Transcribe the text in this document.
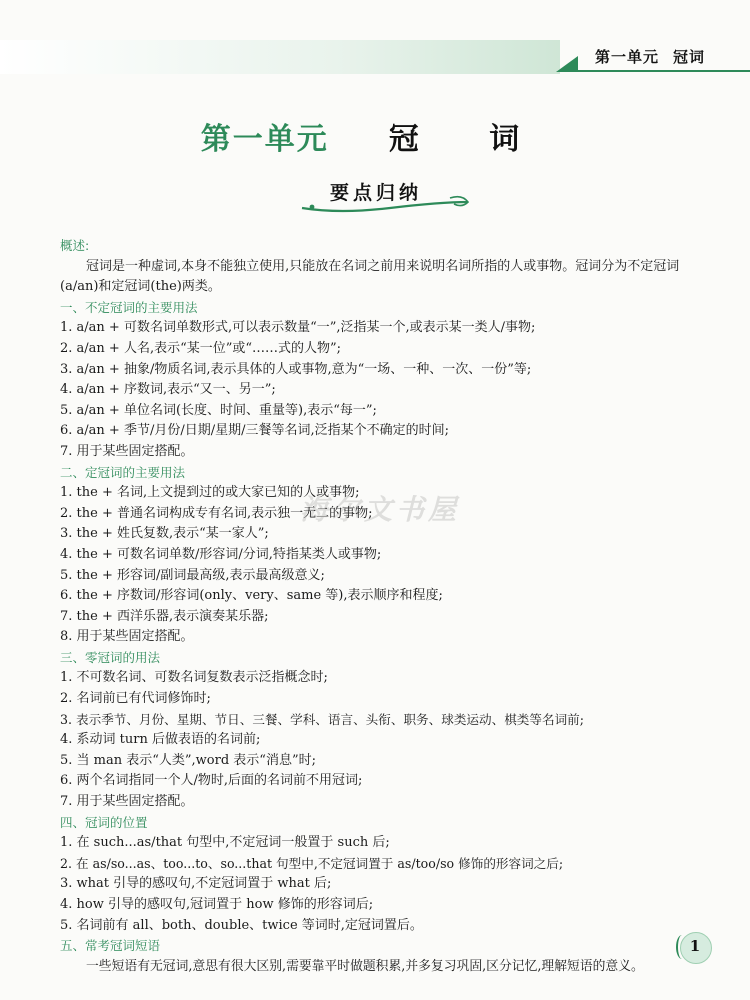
第一单元 冠词
第一单元 冠 词
要点归纳
概述:
冠词是一种虚词,本身不能独立使用,只能放在名词之前用来说明名词所指的人或事物。冠词分为不定冠词(a/an)和定冠词(the)两类。
一、不定冠词的主要用法
1. a/an + 可数名词单数形式,可以表示数量“一”,泛指某一个,或表示某一类人/事物;
2. a/an + 人名,表示“某一位”或“……式的人物”;
3. a/an + 抽象/物质名词,表示具体的人或事物,意为“一场、一种、一次、一份”等;
4. a/an + 序数词,表示“又一、另一”;
5. a/an + 单位名词(长度、时间、重量等),表示“每一”;
6. a/an + 季节/月份/日期/星期/三餐等名词,泛指某个不确定的时间;
7. 用于某些固定搭配。
二、定冠词的主要用法
1. the + 名词,上文提到过的或大家已知的人或事物;
2. the + 普通名词构成专有名词,表示独一无二的事物;
3. the + 姓氏复数,表示“某一家人”;
4. the + 可数名词单数/形容词/分词,特指某类人或事物;
5. the + 形容词/副词最高级,表示最高级意义;
6. the + 序数词/形容词(only、very、same 等),表示顺序和程度;
7. the + 西洋乐器,表示演奏某乐器;
8. 用于某些固定搭配。
三、零冠词的用法
1. 不可数名词、可数名词复数表示泛指概念时;
2. 名词前已有代词修饰时;
3. 表示季节、月份、星期、节日、三餐、学科、语言、头衔、职务、球类运动、棋类等名词前;
4. 系动词 turn 后做表语的名词前;
5. 当 man 表示“人类”,word 表示“消息”时;
6. 两个名词指同一个人/物时,后面的名词前不用冠词;
7. 用于某些固定搭配。
四、冠词的位置
1. 在 such...as/that 句型中,不定冠词一般置于 such 后;
2. 在 as/so...as、too...to、so...that 句型中,不定冠词置于 as/too/so 修饰的形容词之后;
3. what 引导的感叹句,不定冠词置于 what 后;
4. how 引导的感叹句,冠词置于 how 修饰的形容词后;
5. 名词前有 all、both、double、twice 等词时,定冠词置后。
五、常考冠词短语
一些短语有无冠词,意思有很大区别,需要靠平时做题积累,并多复习巩固,区分记忆,理解短语的意义。
海尔文书屋
1
